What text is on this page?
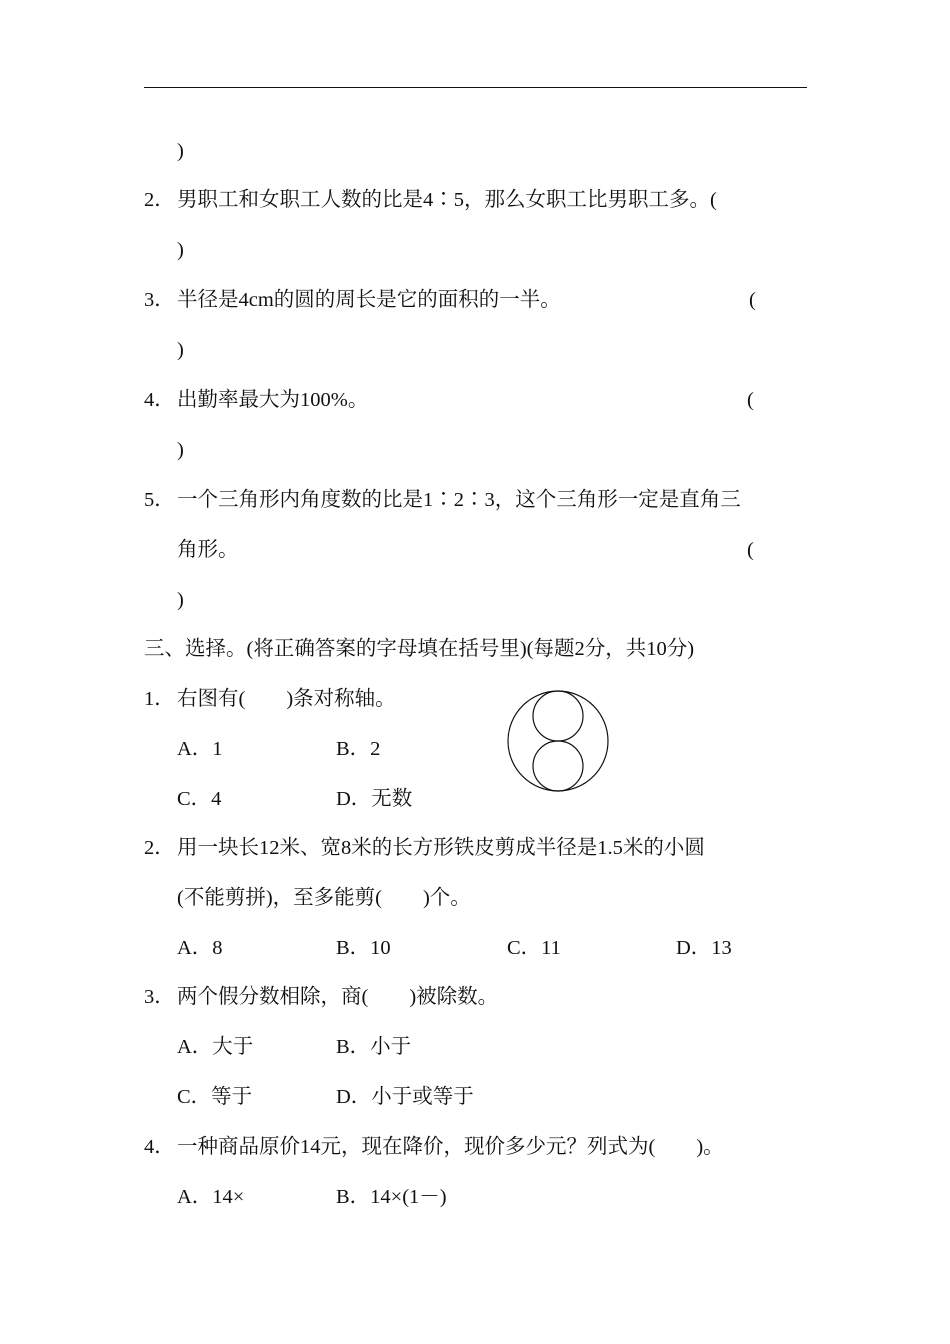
)
2． 男职工和女职工人数的比是4∶5，那么女职工比男职工多。(
)
3． 半径是4cm的圆的周长是它的面积的一半。	(
)
4． 出勤率最大为100%。	(
)
5． 一个三角形内角度数的比是1∶2∶3，这个三角形一定是直角三
角形。	(
)
三、选择。(将正确答案的字母填在括号里)(每题2分，共10分)
1． 右图有(　　)条对称轴。
A．1	B．2
C．4	D．无数
2． 用一块长12米、宽8米的长方形铁皮剪成半径是1.5米的小圆
(不能剪拼)，至多能剪(　　)个。
A．8	B．10	C．11	D．13
3． 两个假分数相除，商(　　)被除数。
A．大于	B．小于
C．等于	D．小于或等于
4． 一种商品原价14元，现在降价，现价多少元？列式为(　　)。
A．14×	B．14×(1－)
